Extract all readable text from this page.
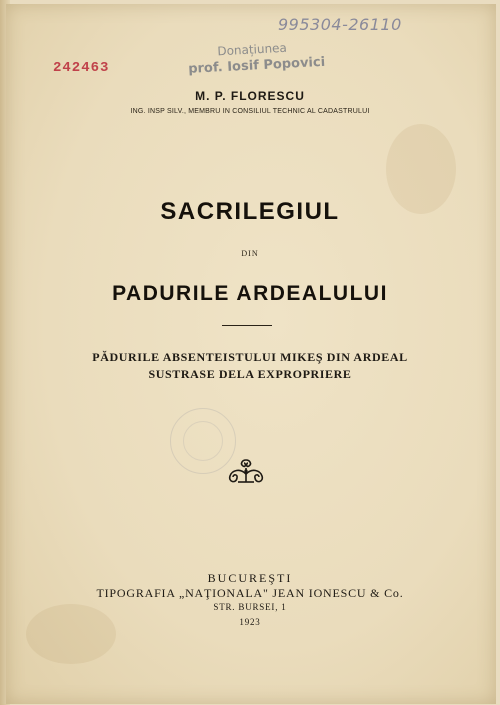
995304-26110
242463
Donațiunea
prof. Iosif Popovici
M. P. FLORESCU
ING. INSP SILV., MEMBRU IN CONSILIUL TECHNIC AL CADASTRULUI
SACRILEGIUL
DIN
PADURILE ARDEALULUI
PĂDURILE ABSENTEISTULUI MIKEŞ DIN ARDEAL
SUSTRASE DELA EXPROPRIERE
BUCUREŞTI
TIPOGRAFIA „NAŢIONALA" JEAN IONESCU & Co.
STR. BURSEI, 1
1923
